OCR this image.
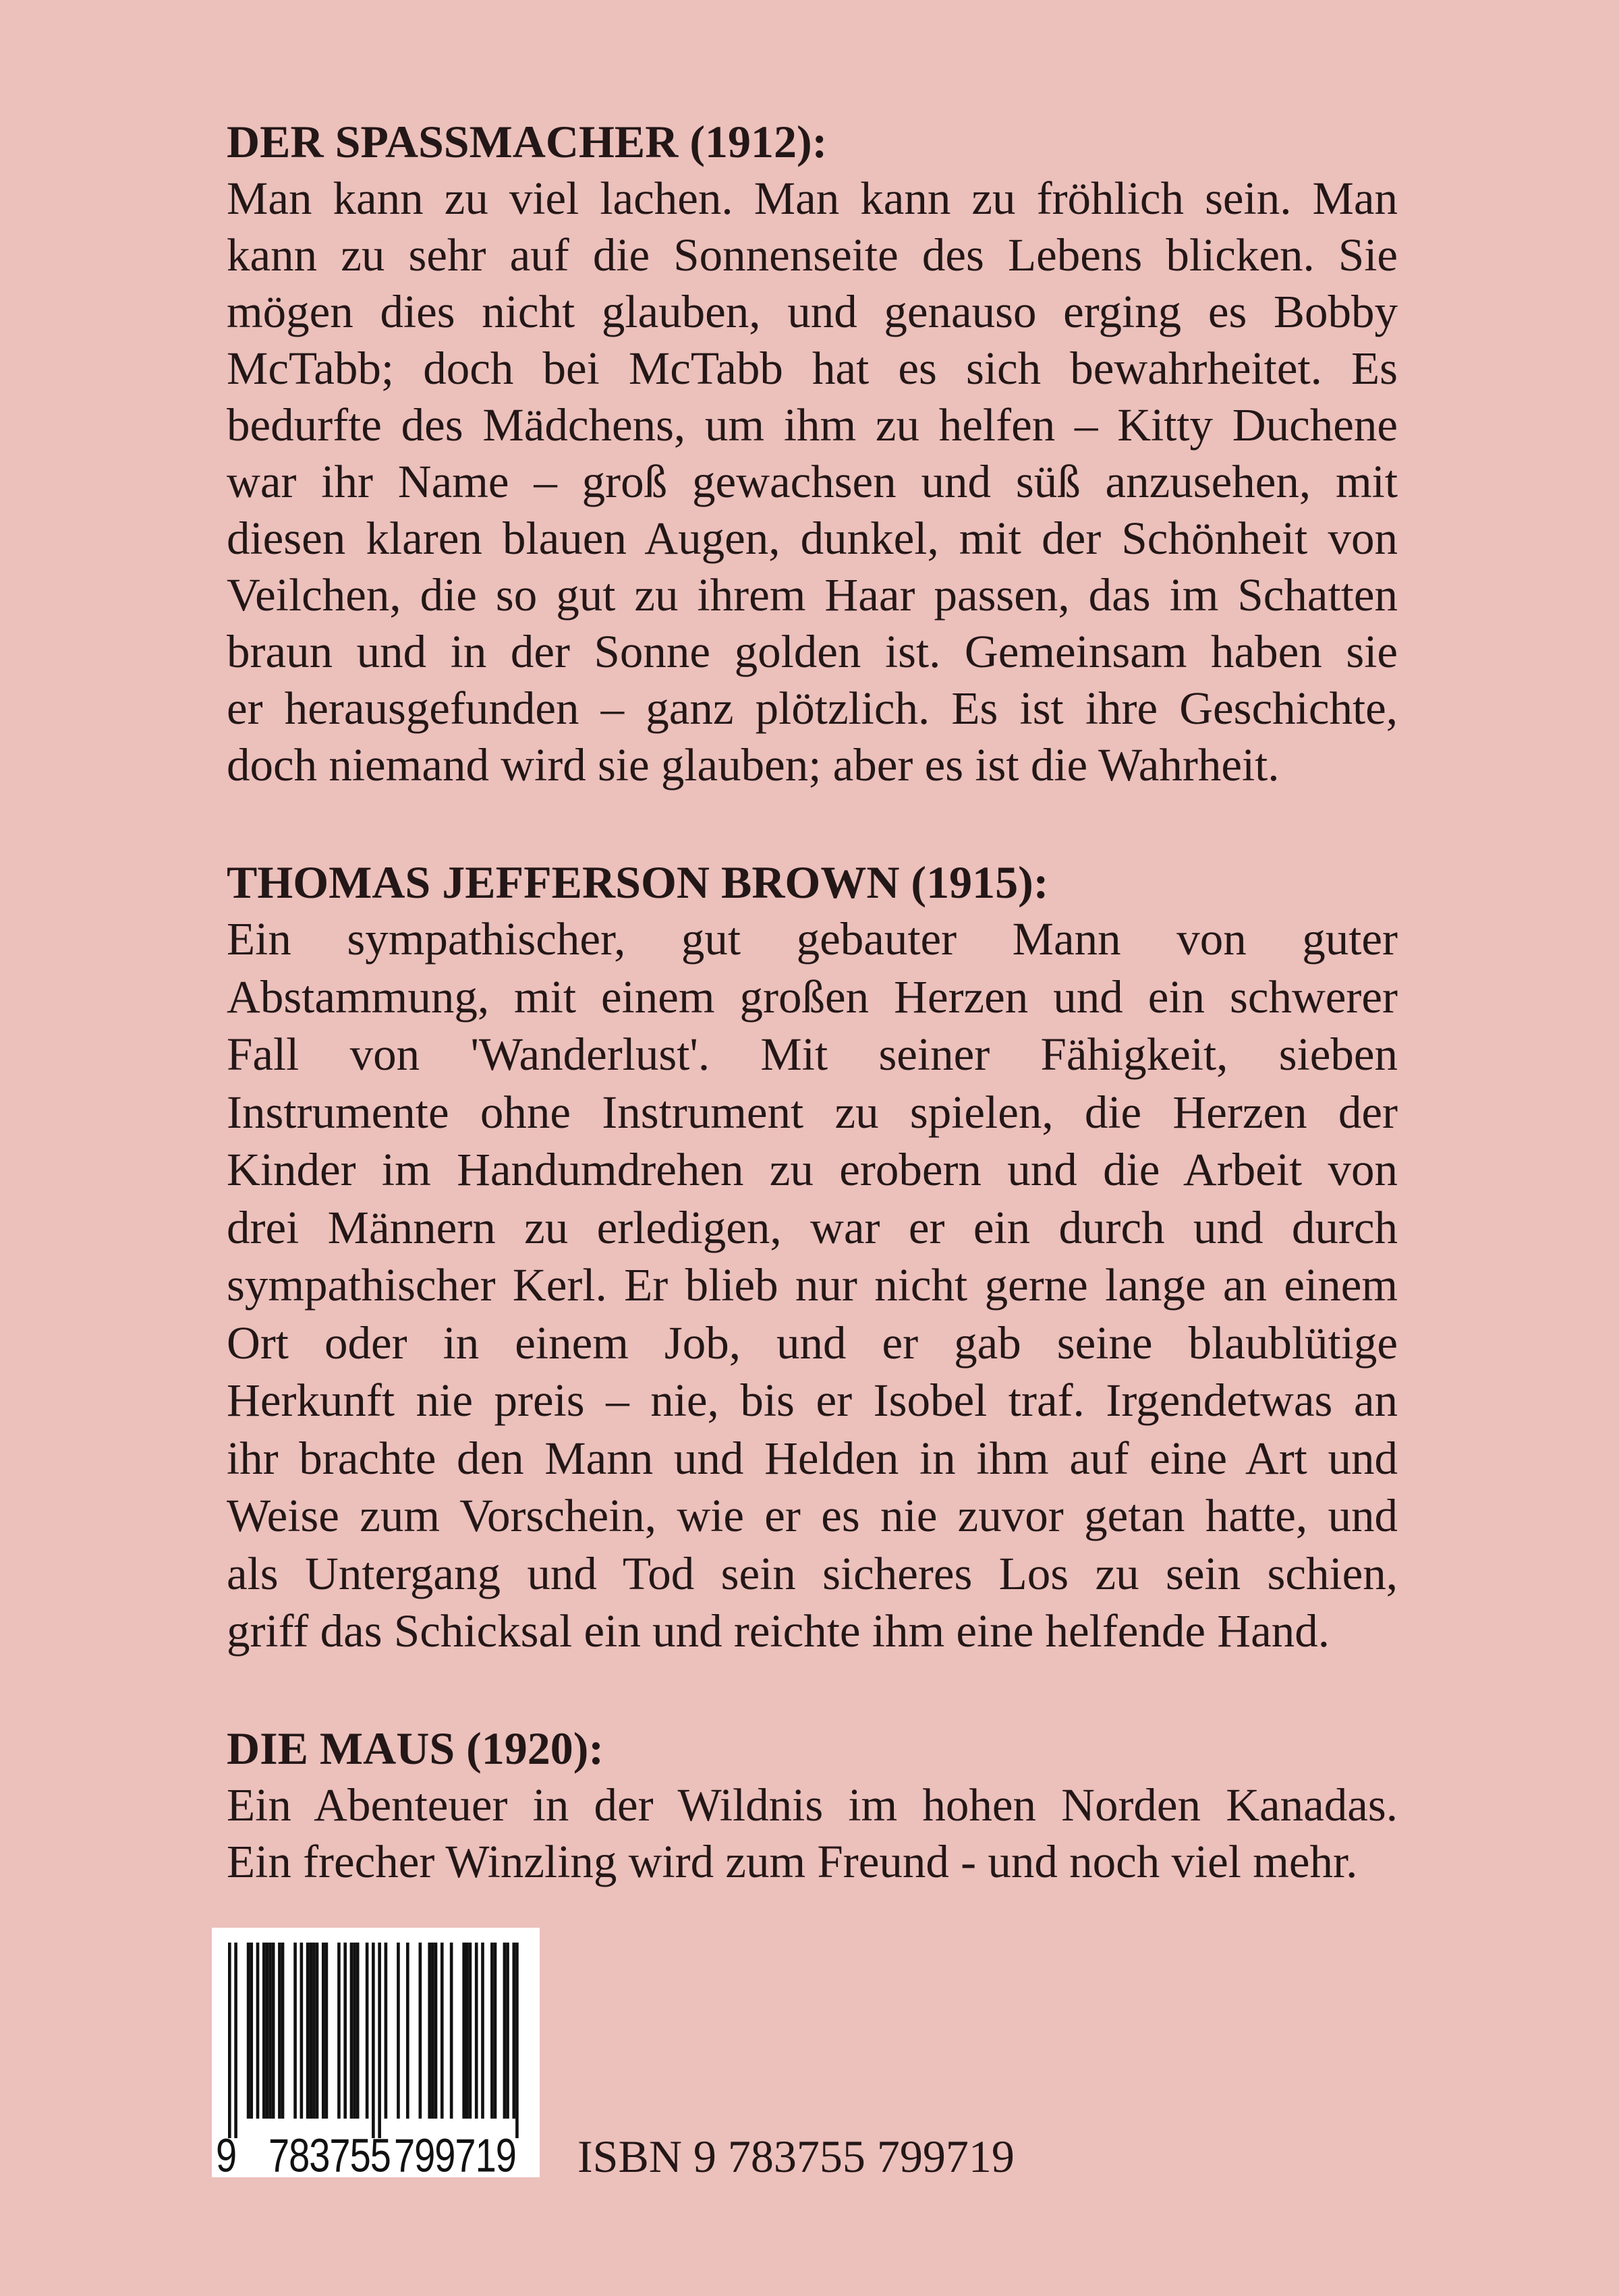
DER SPASSMACHER (1912):
Man kann zu viel lachen. Man kann zu fröhlich sein. Man
kann zu sehr auf die Sonnenseite des Lebens blicken. Sie
mögen dies nicht glauben, und genauso erging es Bobby
McTabb; doch bei McTabb hat es sich bewahrheitet. Es
bedurfte des Mädchens, um ihm zu helfen – Kitty Duchene
war ihr Name – groß gewachsen und süß anzusehen, mit
diesen klaren blauen Augen, dunkel, mit der Schönheit von
Veilchen, die so gut zu ihrem Haar passen, das im Schatten
braun und in der Sonne golden ist. Gemeinsam haben sie
er herausgefunden – ganz plötzlich. Es ist ihre Geschichte,
doch niemand wird sie glauben; aber es ist die Wahrheit.
THOMAS JEFFERSON BROWN (1915):
Ein sympathischer, gut gebauter Mann von guter
Abstammung, mit einem großen Herzen und ein schwerer
Fall von 'Wanderlust'. Mit seiner Fähigkeit, sieben
Instrumente ohne Instrument zu spielen, die Herzen der
Kinder im Handumdrehen zu erobern und die Arbeit von
drei Männern zu erledigen, war er ein durch und durch
sympathischer Kerl. Er blieb nur nicht gerne lange an einem
Ort oder in einem Job, und er gab seine blaublütige
Herkunft nie preis – nie, bis er Isobel traf. Irgendetwas an
ihr brachte den Mann und Helden in ihm auf eine Art und
Weise zum Vorschein, wie er es nie zuvor getan hatte, und
als Untergang und Tod sein sicheres Los zu sein schien,
griff das Schicksal ein und reichte ihm eine helfende Hand.
DIE MAUS (1920):
Ein Abenteuer in der Wildnis im hohen Norden Kanadas.
Ein frecher Winzling wird zum Freund - und noch viel mehr.
9 783755 799719 ISBN 9 783755 799719
